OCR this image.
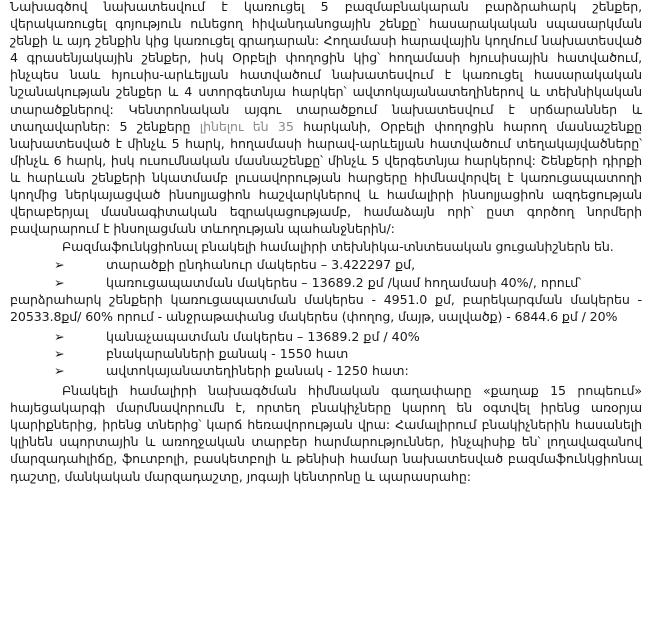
Նախագծով նախատեսվում է կառուցել 5 բազմաբնակարան բարձրահարկ շենքեր, վերակառուցել գոյություն ունեցող հիվանդանոցային շենքը՝ հասարակական սպասարկման շենքի և այդ շենքին կից կառուցել գրադարան: Հողամասի հարավային կողմում նախատեսված 4 գրասենյակային շենքեր, իսկ Օրբելի փողոցին կից՝ հողամասի հյուսիսային հատվածում, ինչպես նաև հյուսիս-արևելյան հատվածում նախատեսվում է կառուցել հասարակական նշանակության շենքեր և 4 ստորգետնյա հարկեր՝ ավտոկայանատեղիներով և տեխնիկական տարածքներով: Կենտրոնական այգու տարածքում նախատեսվում է սրճարաններ և տաղավարներ: 5 շենքերը լինելու են 35 հարկանի, Օրբելի փողոցին հարող մասնաշենքը նախատեսված է մինչև 5 հարկ, հողամասի հարավ-արևելյան հատվածում տեղակայվածները՝ մինչև 6 հարկ, իսկ ուսումնական մասնաշենքը՝ մինչև 5 վերգետնյա հարկերով: Շենքերի դիրքի և հարևան շենքերի նկատմամբ լուսավորության հարցերը հիմնավորվել է կառուցապատողի կողմից ներկայացված ինսոլյացիոն հաշվարկներով և համալիրի ինսոլյացիոն ազդեցության վերաբերյալ մասնագիտական եզրակացությամբ, համաձայն որի՝ ըստ գործող նորմերի բավարարում է ինսոլացման տևողության պահանջներին/:

Բազմաֆունկցիոնալ բնակելի համալիրի տեխնիկա-տնտեսական ցուցանիշներն են.

➢	տարածքի ընդհանուր մակերես – 3.422297 քմ,
➢	կառուցապատման մակերես – 13689.2 քմ /կամ հողամասի 40%/, որում՝

բարձրահարկ շենքերի կառուցապատման մակերես - 4951.0 քմ, բարեկարգման մակերես - 20533.8քմ/ 60% որում - անջրաթափանց մակերես (փողոց, մայթ, սալվածք) - 6844.6 քմ / 20%

➢	կանաչապատման մակերես – 13689.2 քմ / 40%
➢	բնակարանների քանակ - 1550 հատ
➢	ավտոկայանատեղիների քանակ - 1250 հատ:

Բնակելի համալիրի նախագծման հիմնական գաղափարը «քաղաք 15 րոպեում» հայեցակարգի մարմնավորումն է, որտեղ բնակիչները կարող են օգտվել իրենց առօրյա կարիքներից, իրենց տներից՝ կարճ հեռավորության վրա: Համալիրում բնակիչներին հասանելի կլինեն սպորտային և առողջական տարբեր հարմարություններ, ինչպիսիք են՝ լողավազանով մարզադահլիճը, ֆուտբոլի, բասկետբոլի և թենիսի համար նախատեսված բազմաֆունկցիոնալ դաշտը, մանկական մարզադաշտը, յոգայի կենտրոնը և պարասրահը:
